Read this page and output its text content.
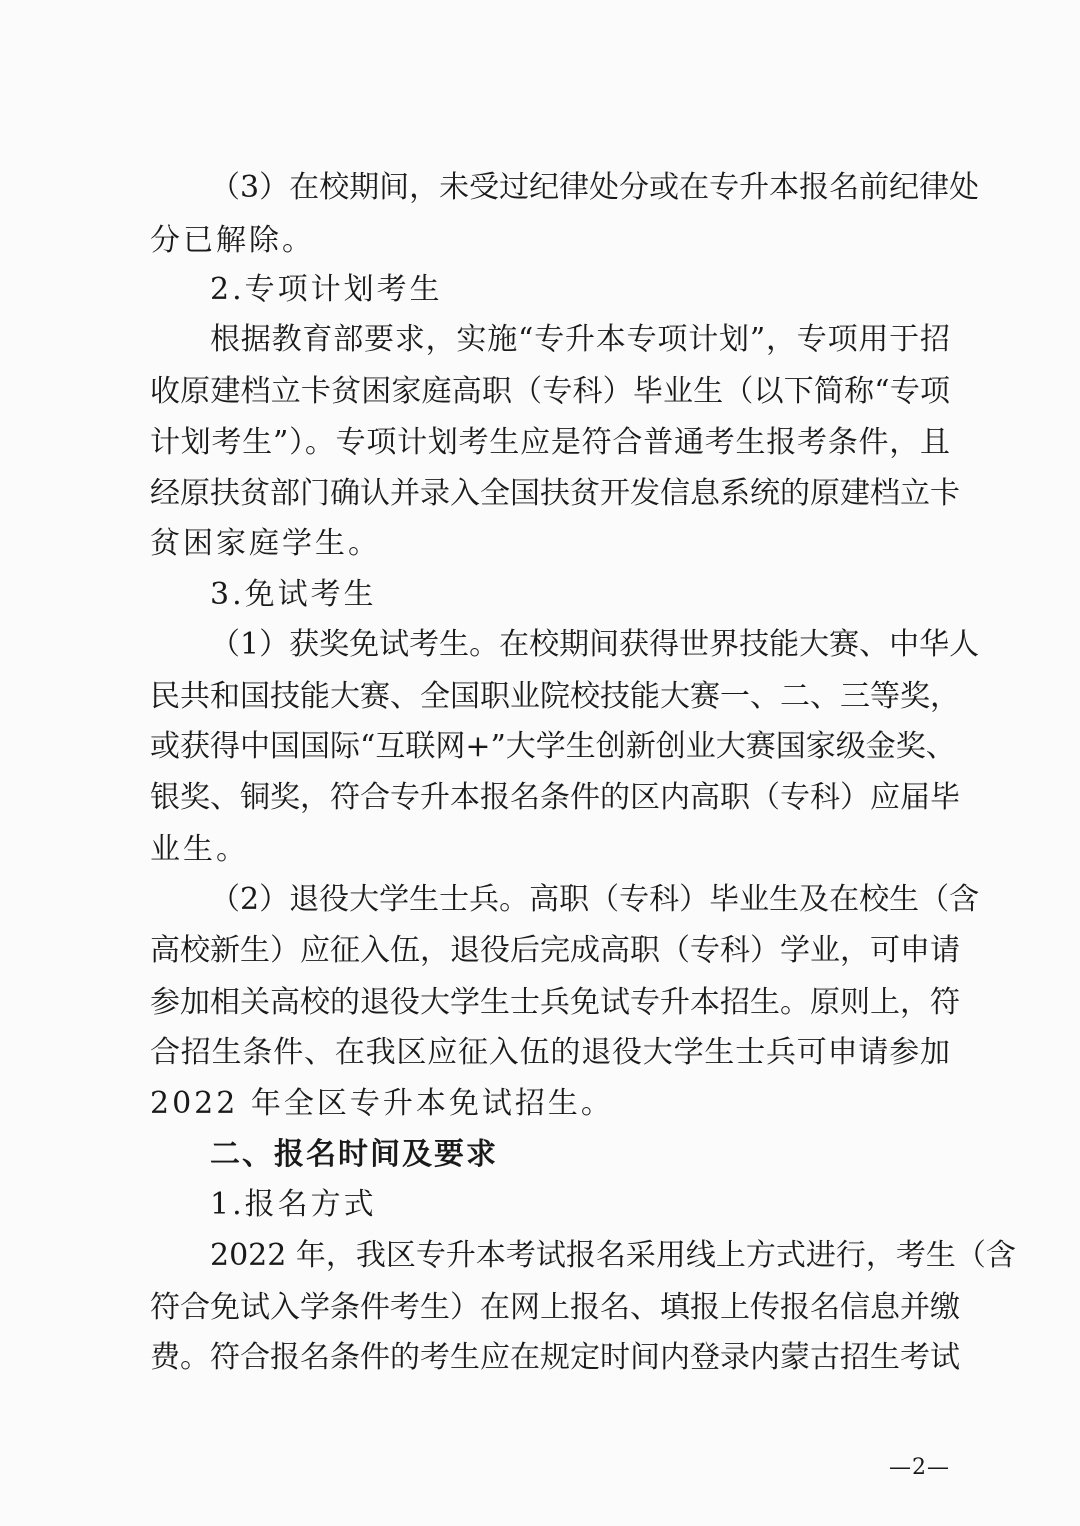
（3）在校期间，未受过纪律处分或在专升本报名前纪律处
分已解除。
2.专项计划考生
根据教育部要求，实施“专升本专项计划”，专项用于招
收原建档立卡贫困家庭高职（专科）毕业生（以下简称“专项
计划考生”）。专项计划考生应是符合普通考生报考条件，且
经原扶贫部门确认并录入全国扶贫开发信息系统的原建档立卡
贫困家庭学生。
3.免试考生
（1）获奖免试考生。在校期间获得世界技能大赛、中华人
民共和国技能大赛、全国职业院校技能大赛一、二、三等奖，
或获得中国国际“互联网+”大学生创新创业大赛国家级金奖、
银奖、铜奖，符合专升本报名条件的区内高职（专科）应届毕
业生。
（2）退役大学生士兵。高职（专科）毕业生及在校生（含
高校新生）应征入伍，退役后完成高职（专科）学业，可申请
参加相关高校的退役大学生士兵免试专升本招生。原则上，符
合招生条件、在我区应征入伍的退役大学生士兵可申请参加
2022 年全区专升本免试招生。
二、报名时间及要求
1.报名方式
2022 年，我区专升本考试报名采用线上方式进行，考生（含
符合免试入学条件考生）在网上报名、填报上传报名信息并缴
费。符合报名条件的考生应在规定时间内登录内蒙古招生考试
—2—
